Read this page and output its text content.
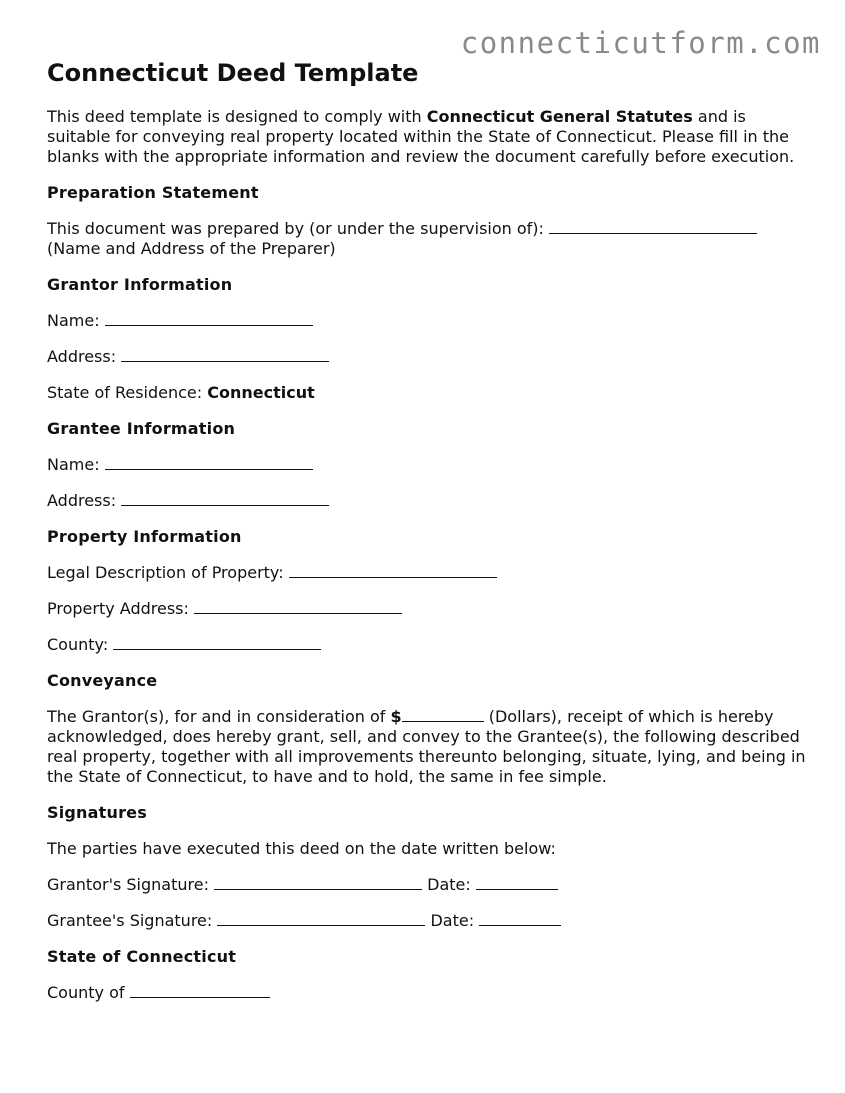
connecticutform.com
Connecticut Deed Template

This deed template is designed to comply with Connecticut General Statutes and is suitable for conveying real property located within the State of Connecticut. Please fill in the blanks with the appropriate information and review the document carefully before execution.

Preparation Statement

This document was prepared by (or under the supervision of):
(Name and Address of the Preparer)

Grantor Information

Name:

Address:

State of Residence: Connecticut

Grantee Information

Name:

Address:

Property Information

Legal Description of Property:

Property Address:

County:

Conveyance

The Grantor(s), for and in consideration of $	(Dollars), receipt of which is hereby acknowledged, does hereby grant, sell, and convey to the Grantee(s), the following described real property, together with all improvements thereunto belonging, situate, lying, and being in the State of Connecticut, to have and to hold, the same in fee simple.

Signatures

The parties have executed this deed on the date written below:

Grantor's Signature:	Date:

Grantee's Signature:	Date:

State of Connecticut

County of
